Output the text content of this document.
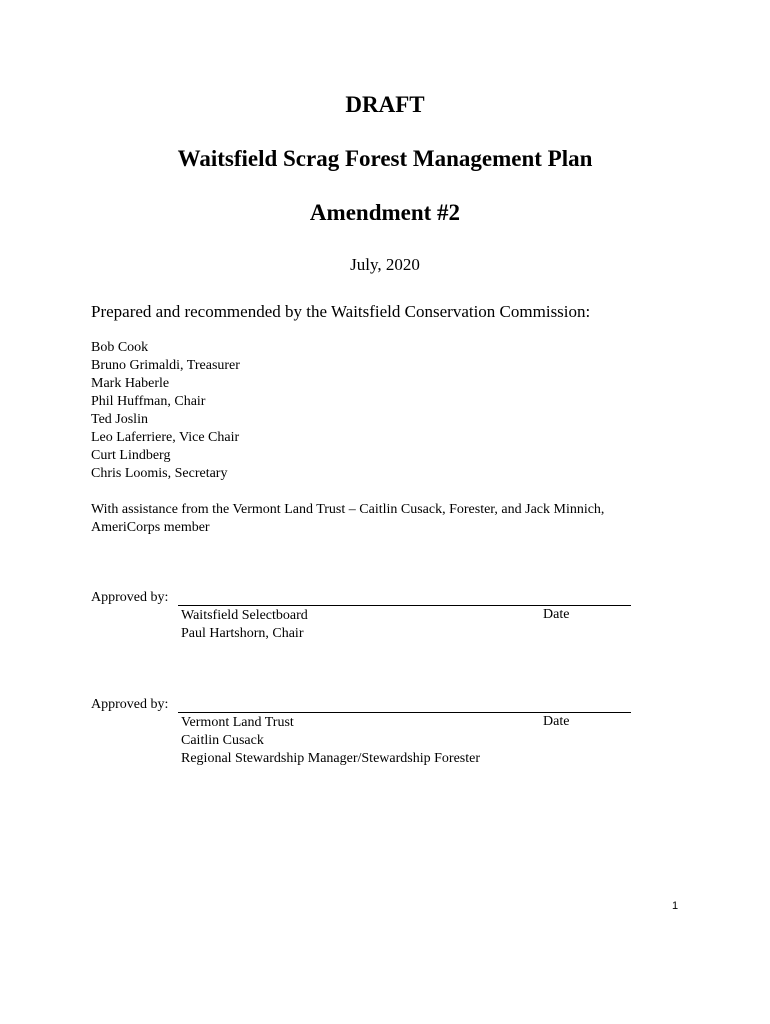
DRAFT
Waitsfield Scrag Forest Management Plan
Amendment #2
July, 2020
Prepared and recommended by the Waitsfield Conservation Commission:
Bob Cook
Bruno Grimaldi, Treasurer
Mark Haberle
Phil Huffman, Chair
Ted Joslin
Leo Laferriere, Vice Chair
Curt Lindberg
Chris Loomis, Secretary
With assistance from the Vermont Land Trust – Caitlin Cusack, Forester, and Jack Minnich, AmeriCorps member
Approved by:
Waitsfield Selectboard	Date
Paul Hartshorn, Chair
Approved by:
Vermont Land Trust	Date
Caitlin Cusack
Regional Stewardship Manager/Stewardship Forester
1
